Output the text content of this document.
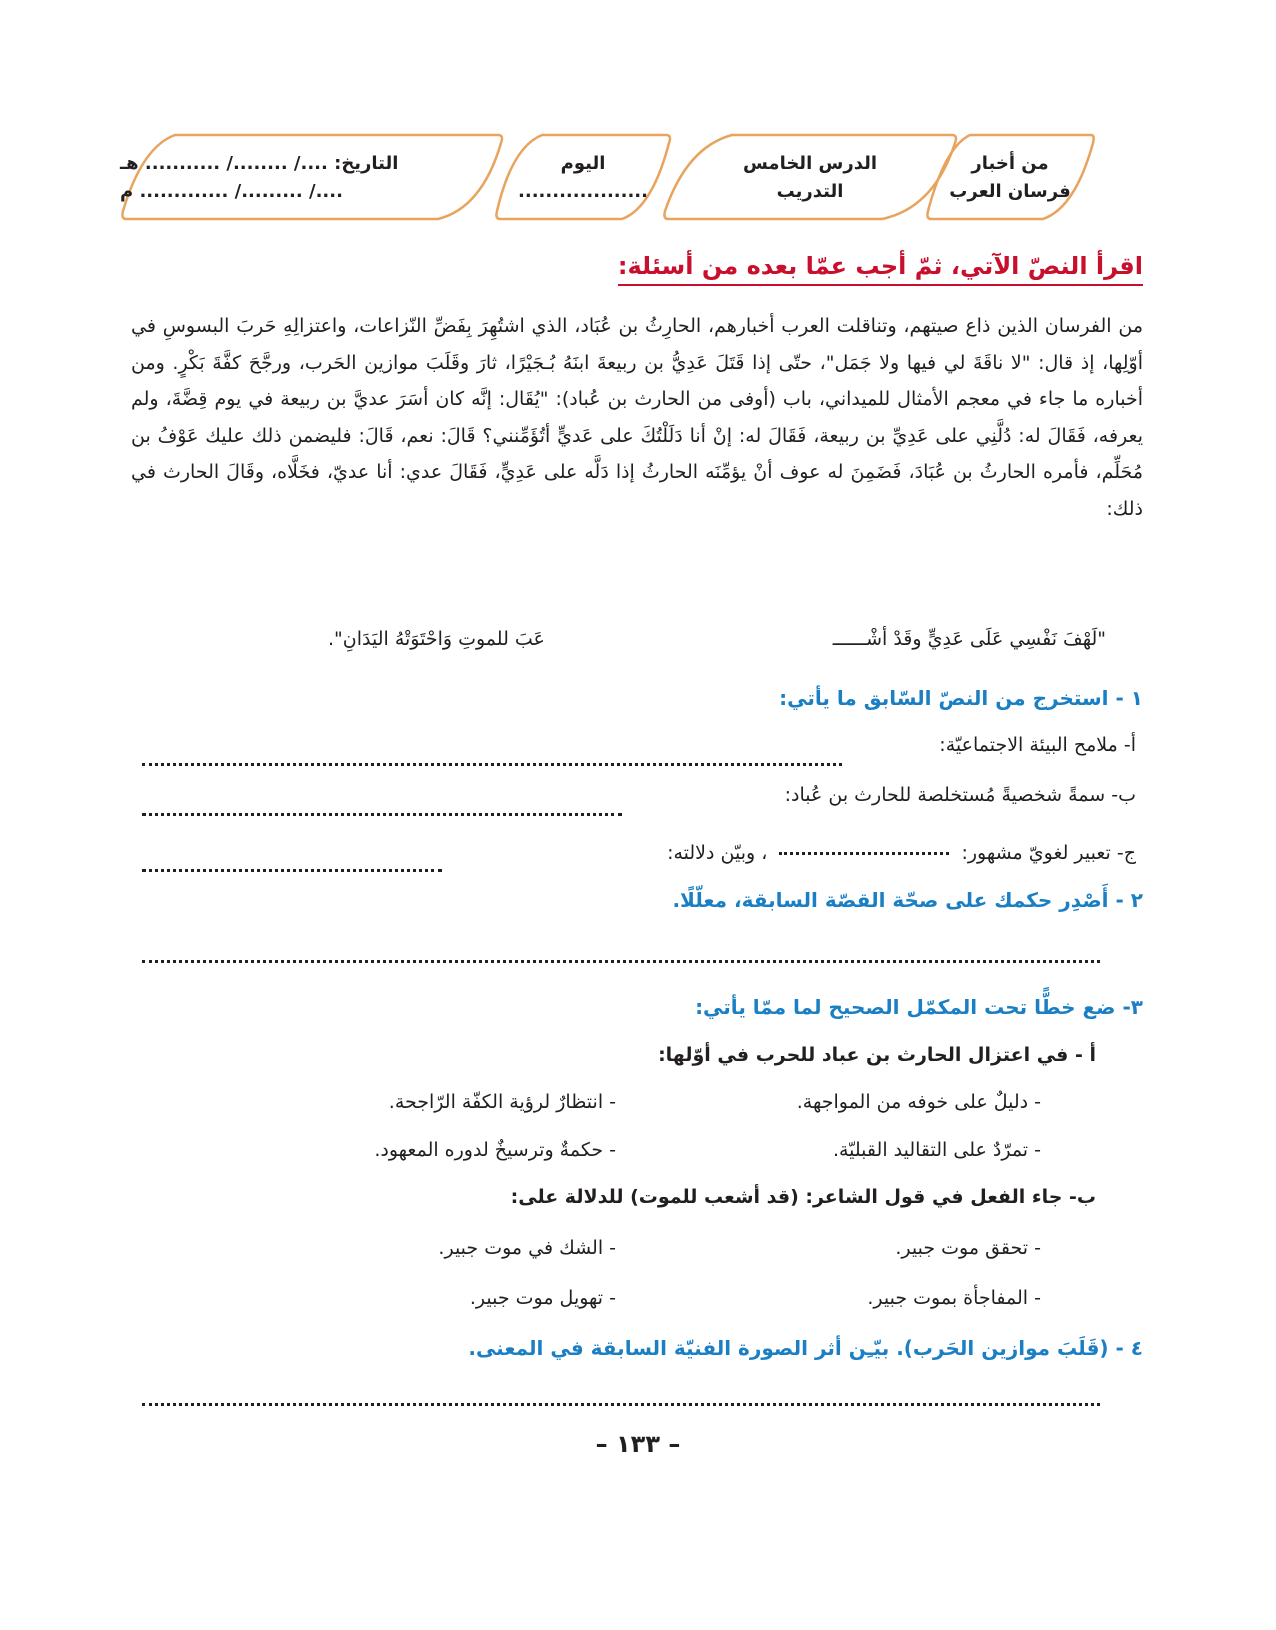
من أخبار
فرسان العرب
الدرس الخامس
التدريب
اليوم
...................
التاريخ: ..../ ......../ ........... هـ
..../ ........./ ............. م
اقرأ النصّ الآتي، ثمّ أجب عمّا بعده من أسئلة:
من الفرسان الذين ذاع صيتهم، وتناقلت العرب أخبارهم، الحارِثُ بن عُبَاد، الذي اشتُهِرَ بِفَضِّ النّزاعات، واعتزالِهِ حَربَ البسوسِ في أوّلِها، إذ قال: "لا ناقَةَ لي فيها ولا جَمَل"، حتّى إذا قَتَلَ عَدِيُّ بن ربيعةَ ابنَهُ بُـجَيْرًا، ثارَ وقَلَبَ موازين الحَرب، ورجَّحَ كفَّةَ بَكْرٍ. ومن أخباره ما جاء في معجم الأمثال للميداني، باب (أوفى من الحارث بن عُباد): "يُقَال: إنَّه كان أسَرَ عديَّ بن ربيعة في يوم قِضَّةَ، ولم يعرفه، فَقَالَ له: دُلَّنِي على عَدِيِّ بن ربيعة، فَقَالَ له: إنْ أنا دَلَلْتُكَ على عَديٍّ أتُؤَمِّنني؟ قَالَ: نعم، قَالَ: فليضمن ذلك عليك عَوْفُ بن مُحَلِّم، فأمره الحارثُ بن عُبَادَ، فَضَمِنَ له عوف أنْ يؤمِّنَه الحارثُ إذا دَلَّه على عَدِيٍّ، فَقَالَ عدي: أنا عديّ، فخَلَّاه، وقَالَ الحارث في ذلك:
"لَهْفَ نَفْسِي عَلَى عَدِيٍّ وقَدْ أشْــــــ
عَبَ للموتِ وَاحْتَوَتْهُ اليَدَانِ".
١ - استخرج من النصّ السّابق ما يأتي:
أ- ملامح البيئة الاجتماعيّة:
ب- سمةً شخصيةً مُستخلصة للحارث بن عُباد:
ج- تعبير لغويّ مشهور:  ، وبيّن دلالته:
٢ - أَصْدِر حكمك على صحّة القصّة السابقة، معلّلًا.
٣- ضع خطًّا تحت المكمّل الصحيح لما ممّا يأتي:
أ - في اعتزال الحارث بن عباد للحرب في أوّلها:
- دليلٌ على خوفه من المواجهة.
- انتظارٌ لرؤية الكفّة الرّاجحة.
- تمرّدٌ على التقاليد القبليّة.
- حكمةٌ وترسيخٌ لدوره المعهود.
ب- جاء الفعل في قول الشاعر: (قد أشعب للموت) للدلالة على:
- تحقق موت جبير.
- الشك في موت جبير.
- المفاجأة بموت جبير.
- تهويل موت جبير.
٤ - (قَلَبَ موازين الحَرب). بيّـِن أثر الصورة الفنيّة السابقة في المعنى.
– ١٣٣ –
